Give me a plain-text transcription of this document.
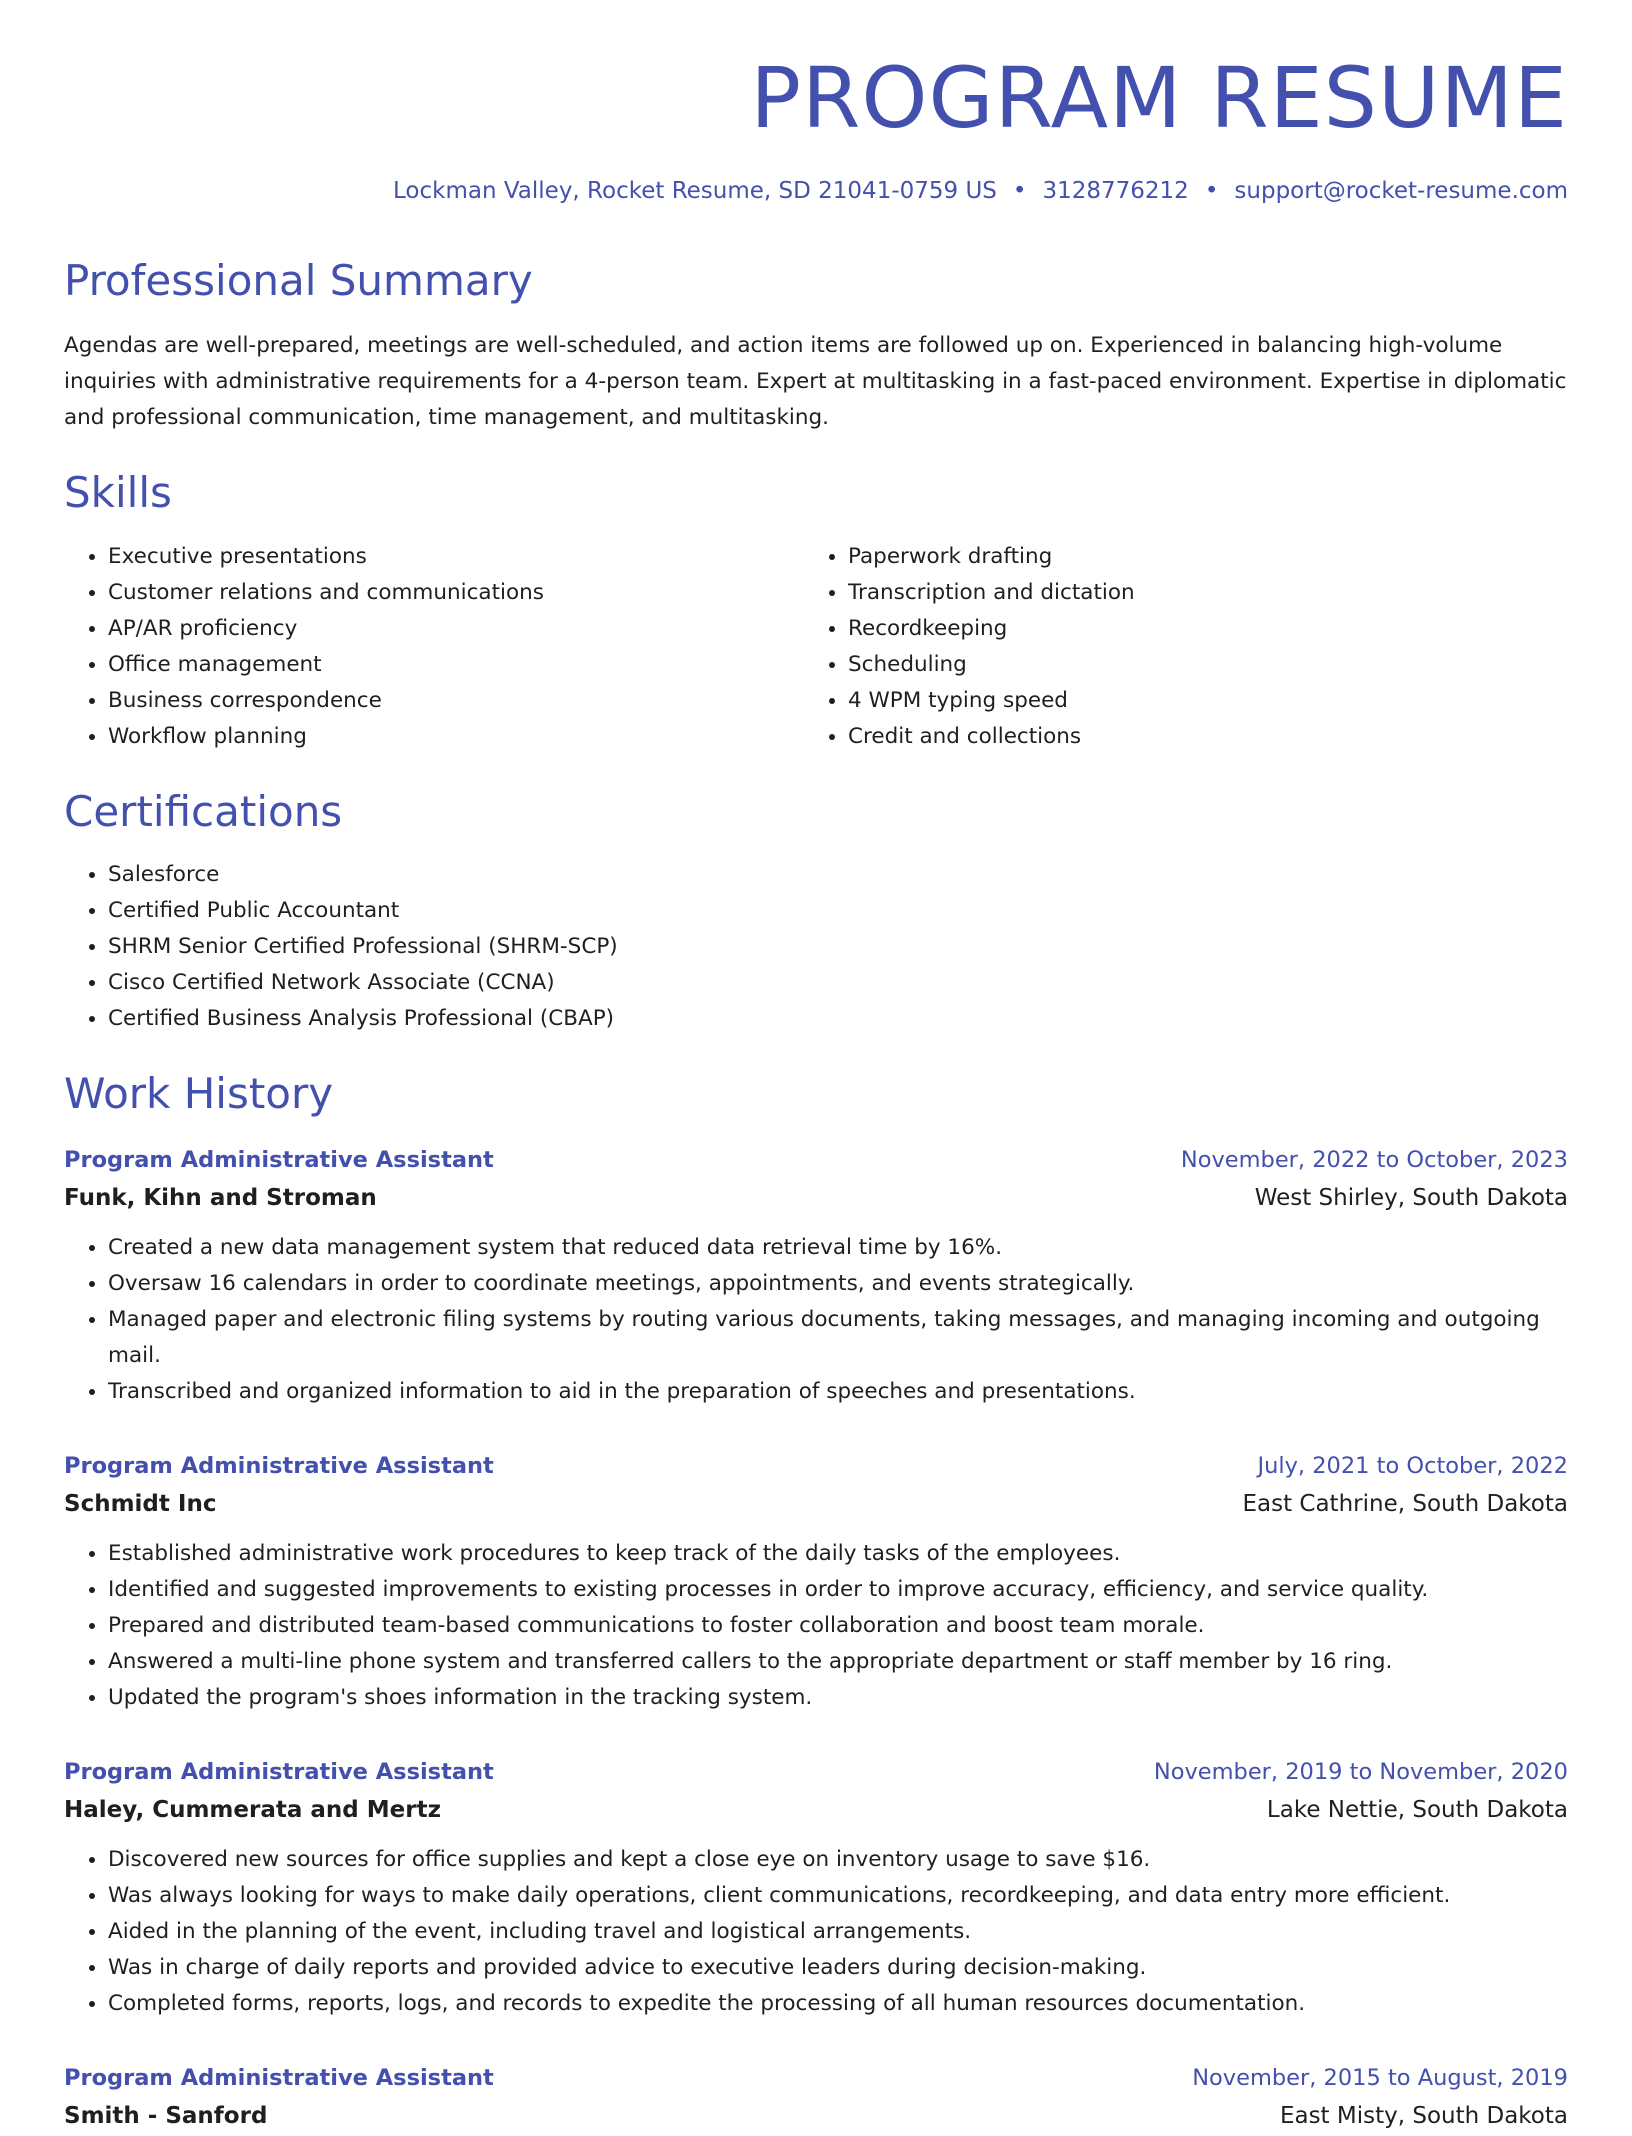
PROGRAM RESUME
Lockman Valley, Rocket Resume, SD 21041-0759 US • 3128776212 • support@rocket-resume.com
Professional Summary
Agendas are well-prepared, meetings are well-scheduled, and action items are followed up on. Experienced in balancing high-volume inquiries with administrative requirements for a 4-person team. Expert at multitasking in a fast-paced environment. Expertise in diplomatic and professional communication, time management, and multitasking.
Skills
• Executive presentations
• Customer relations and communications
• AP/AR proficiency
• Office management
• Business correspondence
• Workflow planning
• Paperwork drafting
• Transcription and dictation
• Recordkeeping
• Scheduling
• 4 WPM typing speed
• Credit and collections
Certifications
• Salesforce
• Certified Public Accountant
• SHRM Senior Certified Professional (SHRM-SCP)
• Cisco Certified Network Associate (CCNA)
• Certified Business Analysis Professional (CBAP)
Work History
Program Administrative Assistant	November, 2022 to October, 2023
Funk, Kihn and Stroman	West Shirley, South Dakota
• Created a new data management system that reduced data retrieval time by 16%.
• Oversaw 16 calendars in order to coordinate meetings, appointments, and events strategically.
• Managed paper and electronic filing systems by routing various documents, taking messages, and managing incoming and outgoing mail.
• Transcribed and organized information to aid in the preparation of speeches and presentations.
Program Administrative Assistant	July, 2021 to October, 2022
Schmidt Inc	East Cathrine, South Dakota
• Established administrative work procedures to keep track of the daily tasks of the employees.
• Identified and suggested improvements to existing processes in order to improve accuracy, efficiency, and service quality.
• Prepared and distributed team-based communications to foster collaboration and boost team morale.
• Answered a multi-line phone system and transferred callers to the appropriate department or staff member by 16 ring.
• Updated the program's shoes information in the tracking system.
Program Administrative Assistant	November, 2019 to November, 2020
Haley, Cummerata and Mertz	Lake Nettie, South Dakota
• Discovered new sources for office supplies and kept a close eye on inventory usage to save $16.
• Was always looking for ways to make daily operations, client communications, recordkeeping, and data entry more efficient.
• Aided in the planning of the event, including travel and logistical arrangements.
• Was in charge of daily reports and provided advice to executive leaders during decision-making.
• Completed forms, reports, logs, and records to expedite the processing of all human resources documentation.
Program Administrative Assistant	November, 2015 to August, 2019
Smith - Sanford	East Misty, South Dakota
